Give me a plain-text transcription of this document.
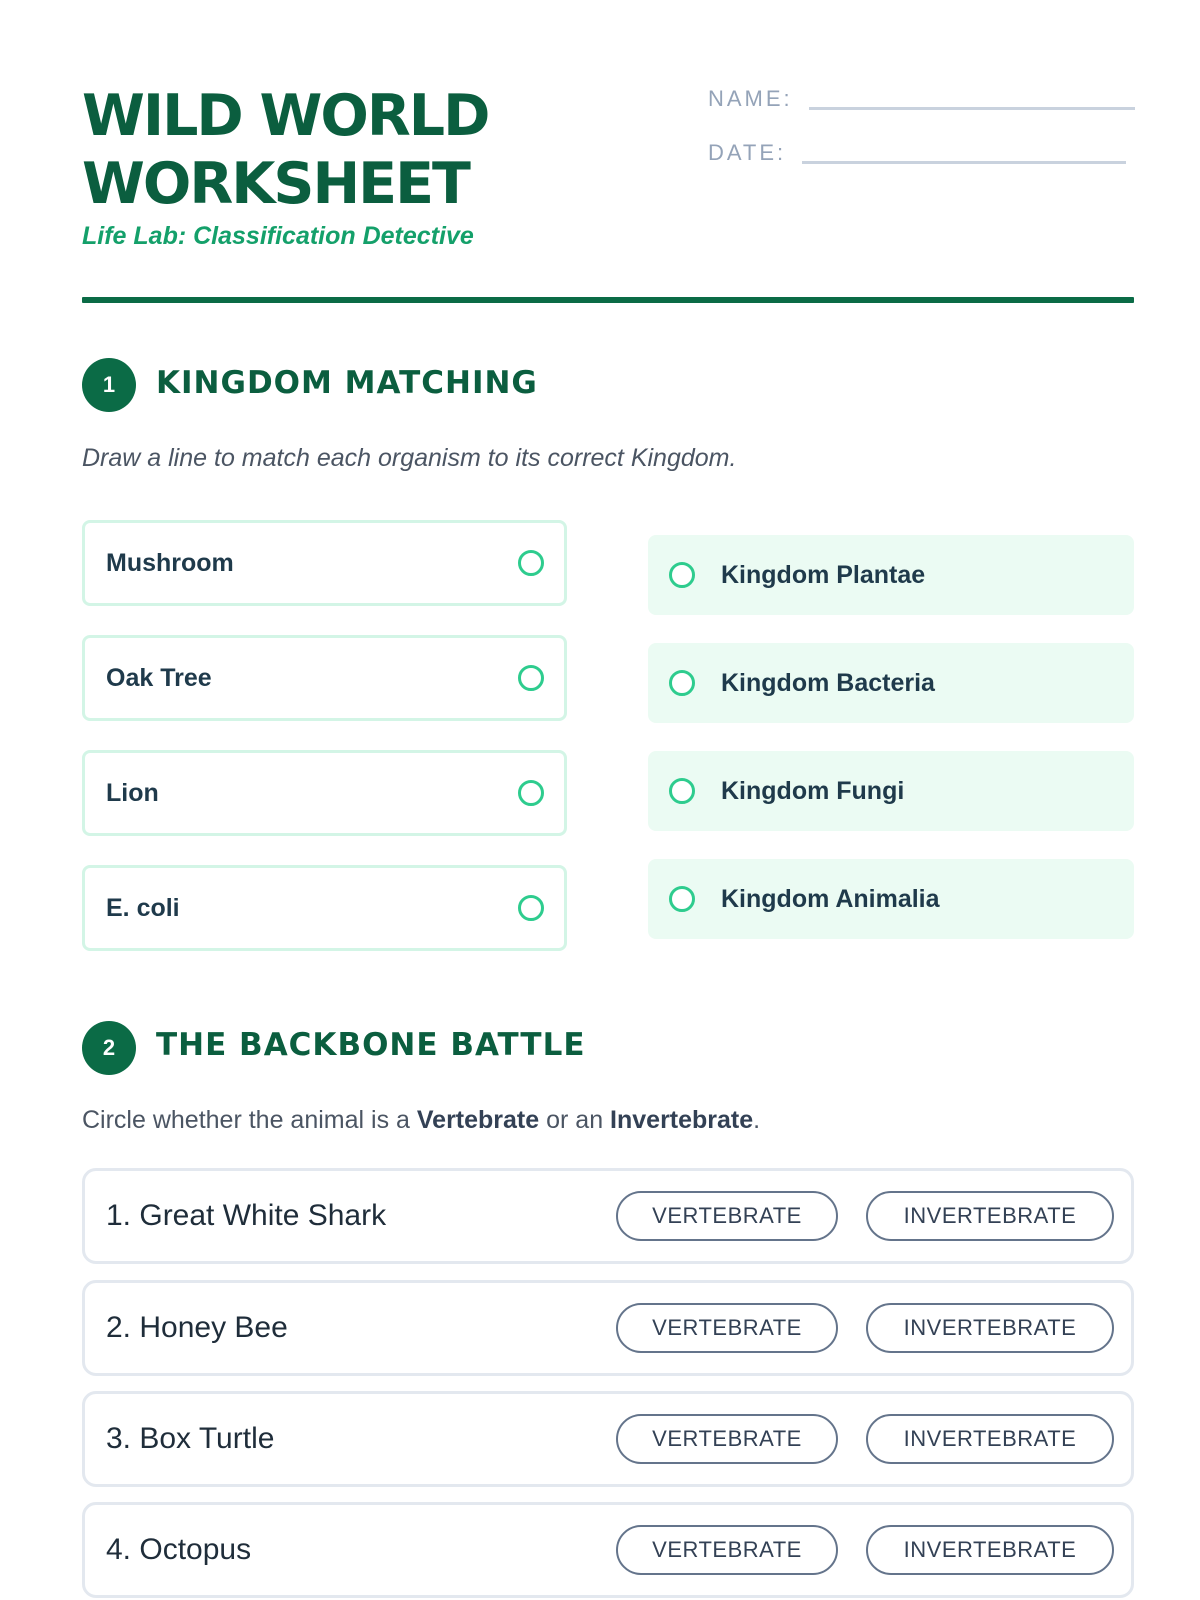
WILD WORLD
WORKSHEET
Life Lab: Classification Detective
NAME:
DATE:
1	KINGDOM MATCHING
Draw a line to match each organism to its correct Kingdom.
Mushroom
Oak Tree
Lion
E. coli
Kingdom Plantae
Kingdom Bacteria
Kingdom Fungi
Kingdom Animalia
2	THE BACKBONE BATTLE
Circle whether the animal is a Vertebrate or an Invertebrate.
1. Great White Shark	VERTEBRATE	INVERTEBRATE
2. Honey Bee	VERTEBRATE	INVERTEBRATE
3. Box Turtle	VERTEBRATE	INVERTEBRATE
4. Octopus	VERTEBRATE	INVERTEBRATE
